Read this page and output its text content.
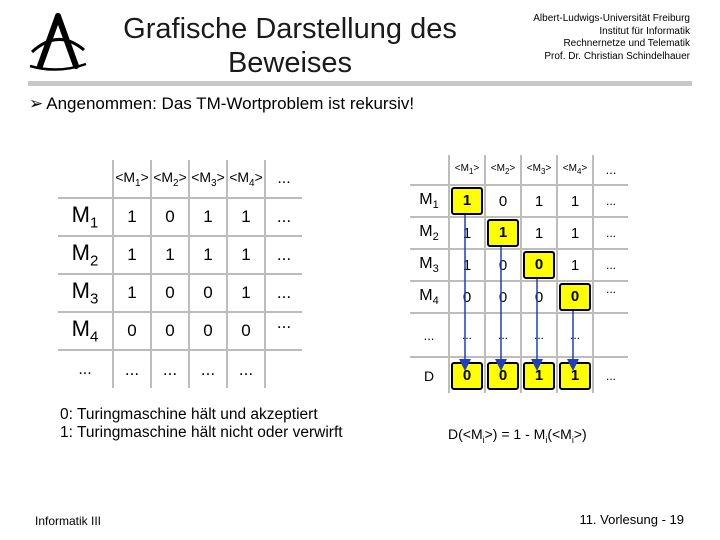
Grafische Darstellung des
Beweises
Albert-Ludwigs-Universität Freiburg
Institut für Informatik
Rechnernetze und Telematik
Prof. Dr. Christian Schindelhauer
➢ Angenommen: Das TM-Wortproblem ist rekursiv!
	$<M_1>$	$<M_2>$	$<M_3>$	$<M_4>$	...
$M_1$	1	0	1	1	...
$M_2$	1	1	1	1	...
$M_3$	1	0	0	1	...
$M_4$	0	0	0	0	...
...	...	...	...	...	
0: Turingmaschine hält und akzeptiert
1: Turingmaschine hält nicht oder verwirft
	$<M_1>$	$<M_2>$	$<M_3>$	$<M_4>$	...
$M_1$	1	0	1	1	...
$M_2$	1	1	1	1	...
$M_3$	1	0	0	1	...
$M_4$	0	0	0	0	...
...	...	...	...	...	
D	0	0	1	1	...
$D(<M_i>) = 1 - M_i(<M_i>)$
Informatik III	11. Vorlesung - 19
